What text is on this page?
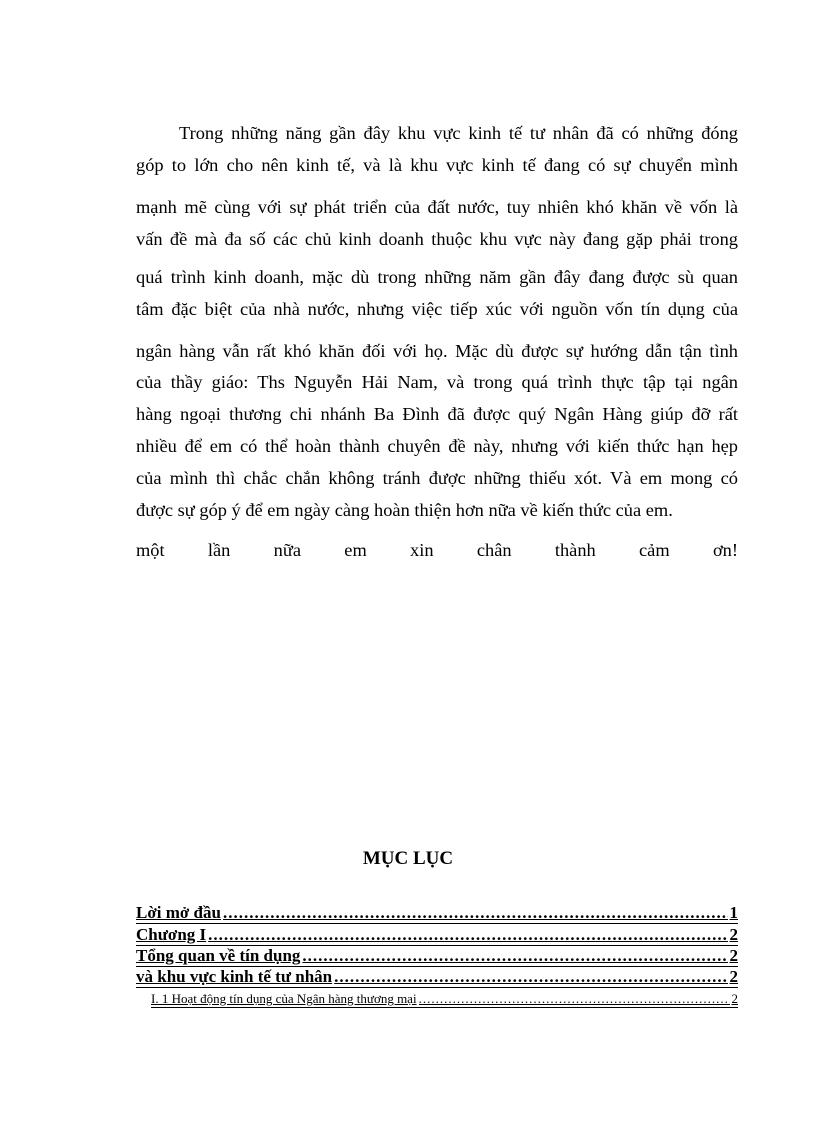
Trong những năng gần đây khu vực kinh tế tư nhân đã có những đóng
góp to lớn cho nên kinh tế, và là khu vực kinh tế đang có sự chuyển mình
mạnh mẽ cùng với sự phát triển của đất nước, tuy nhiên khó khăn về vốn là
vấn đề mà đa số các chủ kinh doanh thuộc khu vực này đang gặp phải trong
quá trình kinh doanh, mặc dù trong những năm gần đây đang được sù quan
tâm đặc biệt của nhà nước, nhưng việc tiếp xúc với nguồn vốn tín dụng của
ngân hàng vẫn rất khó khăn đối với họ. Mặc dù được sự hướng dẫn tận tình
của thầy giáo: Ths Nguyễn Hải Nam, và trong quá trình thực tập tại ngân
hàng ngoại thương chi nhánh Ba Đình đã được quý Ngân Hàng giúp đỡ rất
nhiều để em có thể hoàn thành chuyên đề này, nhưng với kiến thức hạn hẹp
của mình thì chắc chắn không tránh được những thiếu xót. Và em mong có
được sự góp ý để em ngày càng hoàn thiện hơn nữa về kiến thức của em.
một lần nữa em xin chân thành cảm ơn!
MỤC LỤC
Lời mở đầu .....	1
Chương I .....	2
Tổng quan về tín dụng .....	2
và khu vực kinh tế tư nhân .....	2
I. 1 Hoạt động tín dụng của Ngân hàng thương mại .....	2
